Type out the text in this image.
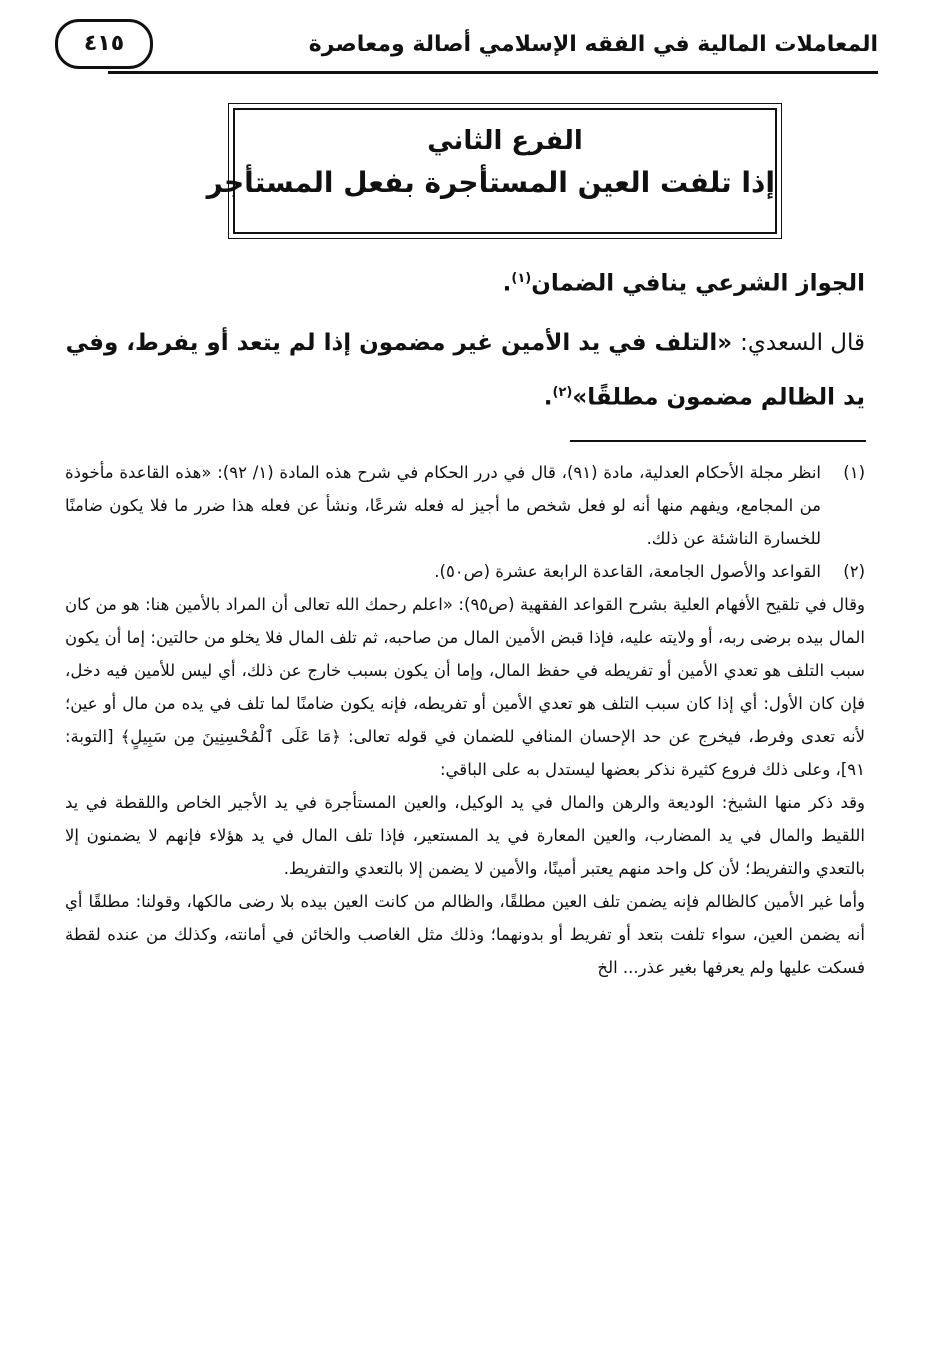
المعاملات المالية في الفقه الإسلامي أصالة ومعاصرة
٤١٥
الفرع الثاني
إذا تلفت العين المستأجرة بفعل المستأجر
الجواز الشرعي ينافي الضمان$^{(١)}$.
قال السعدي: «التلف في يد الأمين غير مضمون إذا لم يتعد أو يفرط، وفي يد الظالم مضمون مطلقًا»$^{(٢)}$.
(١)

انظر مجلة الأحكام العدلية، مادة (٩١)، قال في درر الحكام في شرح هذه المادة (١/ ٩٢): «هذه القاعدة مأخوذة من المجامع، ويفهم منها أنه لو فعل شخص ما أجيز له فعله شرعًا، ونشأ عن فعله هذا ضرر ما فلا يكون ضامنًا للخسارة الناشئة عن ذلك.

(٢)

القواعد والأصول الجامعة، القاعدة الرابعة عشرة (ص٥٠).

وقال في تلقيح الأفهام العلية بشرح القواعد الفقهية (ص٩٥): «اعلم رحمك الله تعالى أن المراد بالأمين هنا: هو من كان المال بيده برضى ربه، أو ولايته عليه، فإذا قبض الأمين المال من صاحبه، ثم تلف المال فلا يخلو من حالتين: إما أن يكون سبب التلف هو تعدي الأمين أو تفريطه في حفظ المال، وإما أن يكون بسبب خارج عن ذلك، أي ليس للأمين فيه دخل، فإن كان الأول: أي إذا كان سبب التلف هو تعدي الأمين أو تفريطه، فإنه يكون ضامنًا لما تلف في يده من مال أو عين؛ لأنه تعدى وفرط، فيخرج عن حد الإحسان المنافي للضمان في قوله تعالى: ﴿مَا عَلَى ٱلْمُحْسِنِينَ مِن سَبِيلٍ﴾ [التوبة: ٩١]، وعلى ذلك فروع كثيرة نذكر بعضها ليستدل به على الباقي:

وقد ذكر منها الشيخ: الوديعة والرهن والمال في يد الوكيل، والعين المستأجرة في يد الأجير الخاص واللقطة في يد اللقيط والمال في يد المضارب، والعين المعارة في يد المستعير، فإذا تلف المال في يد هؤلاء فإنهم لا يضمنون إلا بالتعدي والتفريط؛ لأن كل واحد منهم يعتبر أمينًا، والأمين لا يضمن إلا بالتعدي والتفريط.

وأما غير الأمين كالظالم فإنه يضمن تلف العين مطلقًا، والظالم من كانت العين بيده بلا رضى مالكها، وقولنا: مطلقًا أي أنه يضمن العين، سواء تلفت بتعد أو تفريط أو بدونهما؛ وذلك مثل الغاصب والخائن في أمانته، وكذلك من عنده لقطة فسكت عليها ولم يعرفها بغير عذر... الخ
